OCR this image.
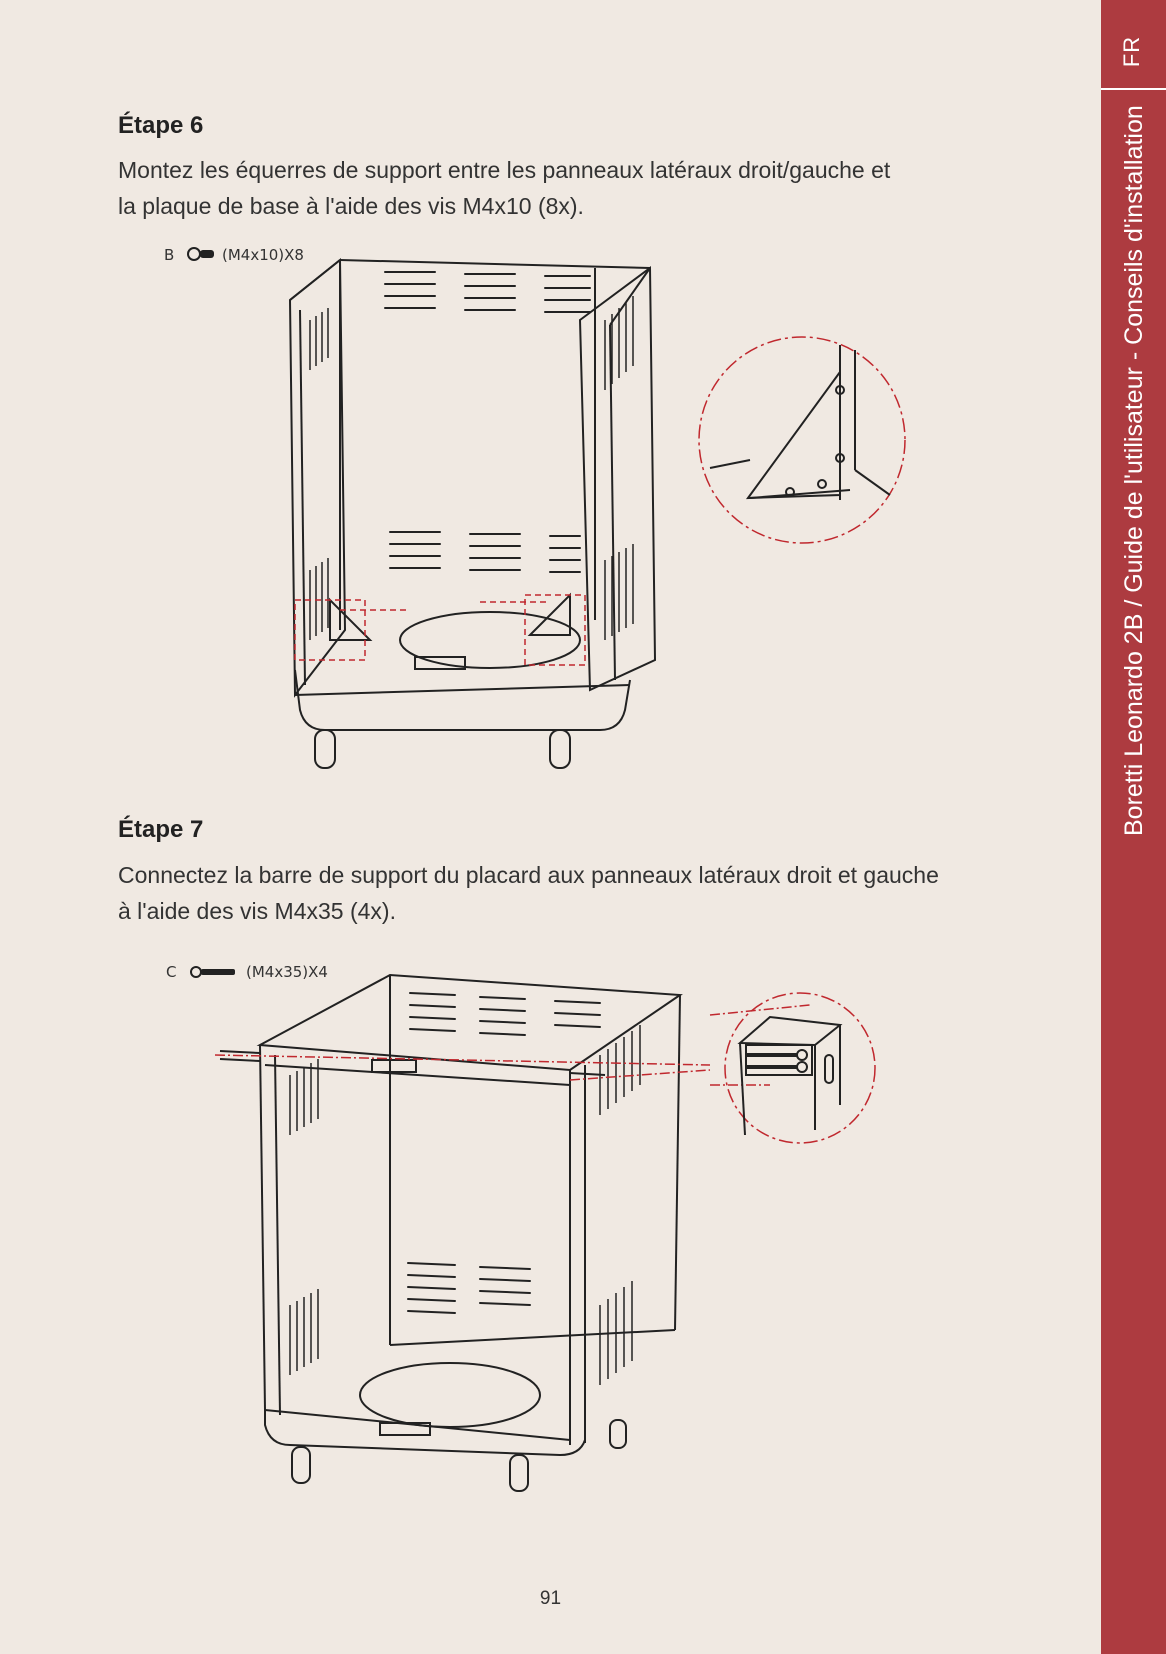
FR
Boretti Leonardo 2B / Guide de l'utilisateur - Conseils d'installation
Étape 6
Montez les équerres de support entre les panneaux latéraux droit/gauche et
la plaque de base à l'aide des vis M4x10 (8x).
B	(M4x10)X8
Étape 7
Connectez la barre de support du placard aux panneaux latéraux droit et gauche
à l'aide des vis M4x35 (4x).
C	(M4x35)X4
91
